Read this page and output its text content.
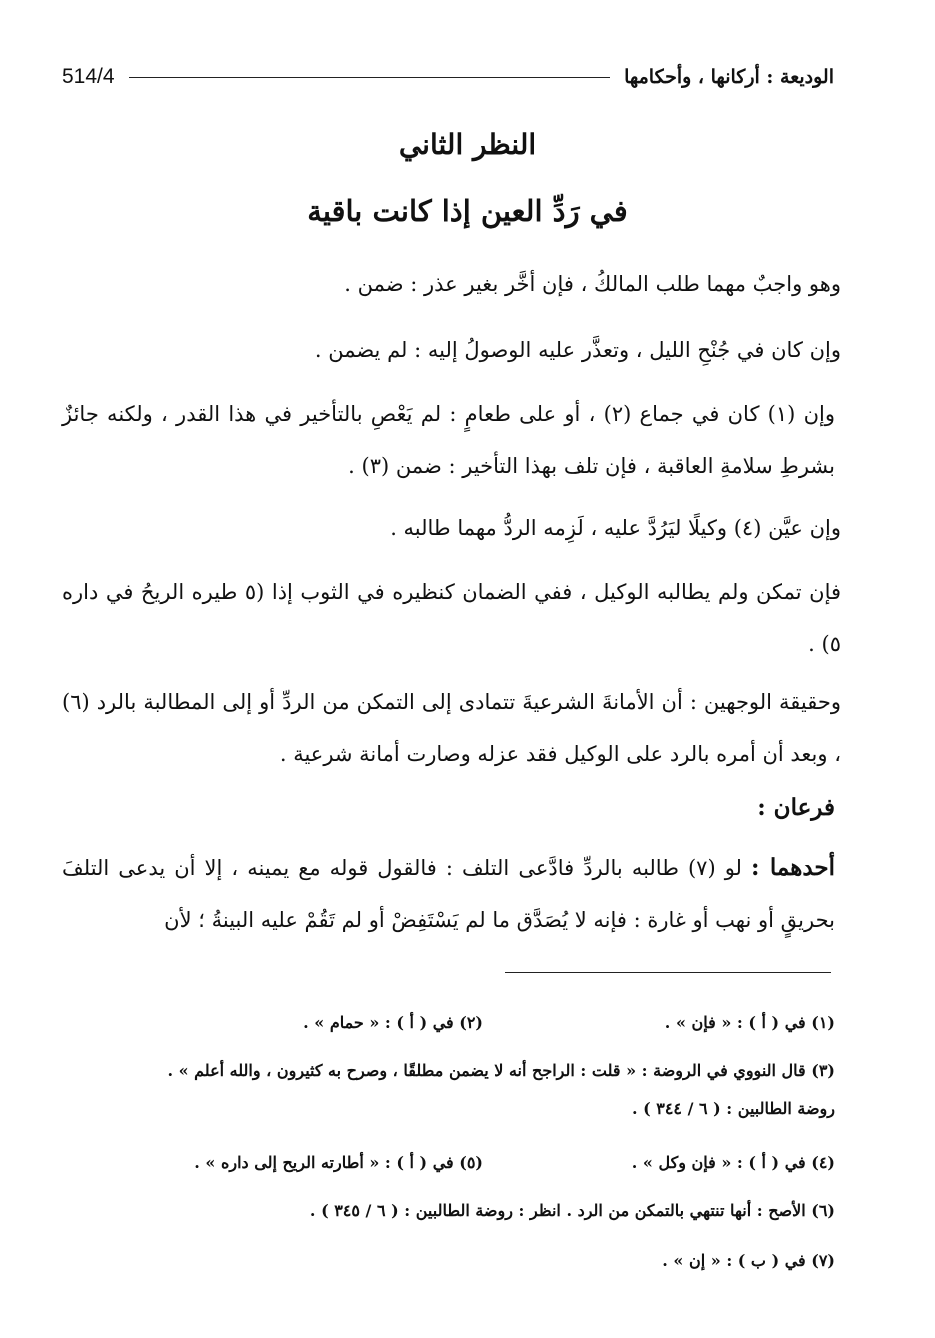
الوديعة : أركانها ، وأحكامها
514/4
النظر الثاني
في رَدِّ العين إذا كانت باقية

وهو واجبٌ مهما طلب المالكُ ، فإن أخَّر بغير عذر : ضمن .

وإن كان في جُنْحِ الليل ، وتعذَّر عليه الوصولُ إليه : لم يضمن .

وإن (١) كان في جماع (٢) ، أو على طعامٍ : لم يَعْصِ بالتأخير في هذا القدر ، ولكنه جائزٌ بشرطِ سلامةِ العاقبة ، فإن تلف بهذا التأخير : ضمن (٣) .

وإن عيَّن (٤) وكيلًا ليَرُدَّ عليه ، لَزِمه الردُّ مهما طالبه .

فإن تمكن ولم يطالبه الوكيل ، ففي الضمان كنظيره في الثوب إذا (٥ طيره الريحُ في داره ٥) .

وحقيقة الوجهين : أن الأمانةَ الشرعيةَ تتمادى إلى التمكن من الردِّ أو إلى المطالبة بالرد (٦) ، وبعد أن أمره بالرد على الوكيل فقد عزله وصارت أمانة شرعية .

فرعان :

أحدهما : لو (٧) طالبه بالردِّ فادَّعى التلف : فالقول قوله مع يمينه ، إلا أن يدعى التلفَ بحريقٍ أو نهب أو غارة : فإنه لا يُصَدَّق ما لم يَسْتَفِضْ أو لم تَقُمْ عليه البينةُ ؛ لأن

(١) في ( أ ) : « فإن » .
(٢) في ( أ ) : « حمام » .
(٣) قال النووي في الروضة : « قلت : الراجح أنه لا يضمن مطلقًا ، وصرح به كثيرون ، والله أعلم » .
روضة الطالبين : ( ٦ / ٣٤٤ ) .
(٤) في ( أ ) : « فإن وكل » .
(٥) في ( أ ) : « أطارته الريح إلى داره » .
(٦) الأصح : أنها تنتهي بالتمكن من الرد . انظر : روضة الطالبين : ( ٦ / ٣٤٥ ) .
(٧) في ( ب ) : « إن » .
